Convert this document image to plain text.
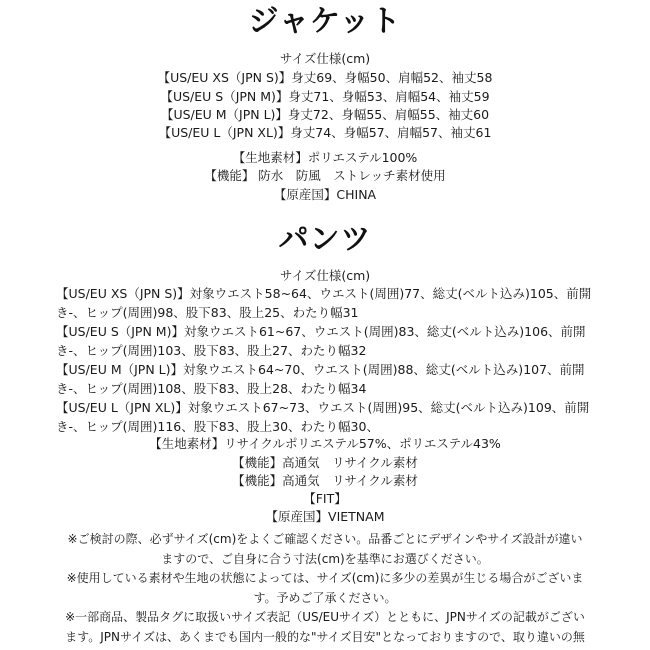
ジャケット
サイズ仕様(cm)
【US/EU XS（JPN S)】身丈69、身幅50、肩幅52、袖丈58
【US/EU S（JPN M)】身丈71、身幅53、肩幅54、袖丈59
【US/EU M（JPN L)】身丈72、身幅55、肩幅55、袖丈60
【US/EU L（JPN XL)】身丈74、身幅57、肩幅57、袖丈61
【生地素材】ポリエステル100%
【機能】 防水　防風　ストレッチ素材使用
【原産国】CHINA
パンツ
サイズ仕様(cm)
【US/EU XS（JPN S)】対象ウエスト58~64、ウエスト(周囲)77、総丈(ベルト込み)105、前開
き-、ヒップ(周囲)98、股下83、股上25、わたり幅31
【US/EU S（JPN M)】対象ウエスト61~67、ウエスト(周囲)83、総丈(ベルト込み)106、前開
き-、ヒップ(周囲)103、股下83、股上27、わたり幅32
【US/EU M（JPN L)】対象ウエスト64~70、ウエスト(周囲)88、総丈(ベルト込み)107、前開
き-、ヒップ(周囲)108、股下83、股上28、わたり幅34
【US/EU L（JPN XL)】対象ウエスト67~73、ウエスト(周囲)95、総丈(ベルト込み)109、前開
き-、ヒップ(周囲)116、股下83、股上30、わたり幅30、
【生地素材】リサイクルポリエステル57%、ポリエステル43%
【機能】高通気　リサイクル素材
【機能】高通気　リサイクル素材
【FIT】
【原産国】VIETNAM
※ご検討の際、必ずサイズ(cm)をよくご確認ください。品番ごとにデザインやサイズ設計が違い
ますので、ご自身に合う寸法(cm)を基準にお選びください。
※使用している素材や生地の状態によっては、サイズ(cm)に多少の差異が生じる場合がございま
す。予めご了承ください。
※一部商品、製品タグに取扱いサイズ表記（US/EUサイズ）とともに、JPNサイズの記載がござい
ます。JPNサイズは、あくまでも国内一般的な"サイズ目安"となっておりますので、取り違いの無
